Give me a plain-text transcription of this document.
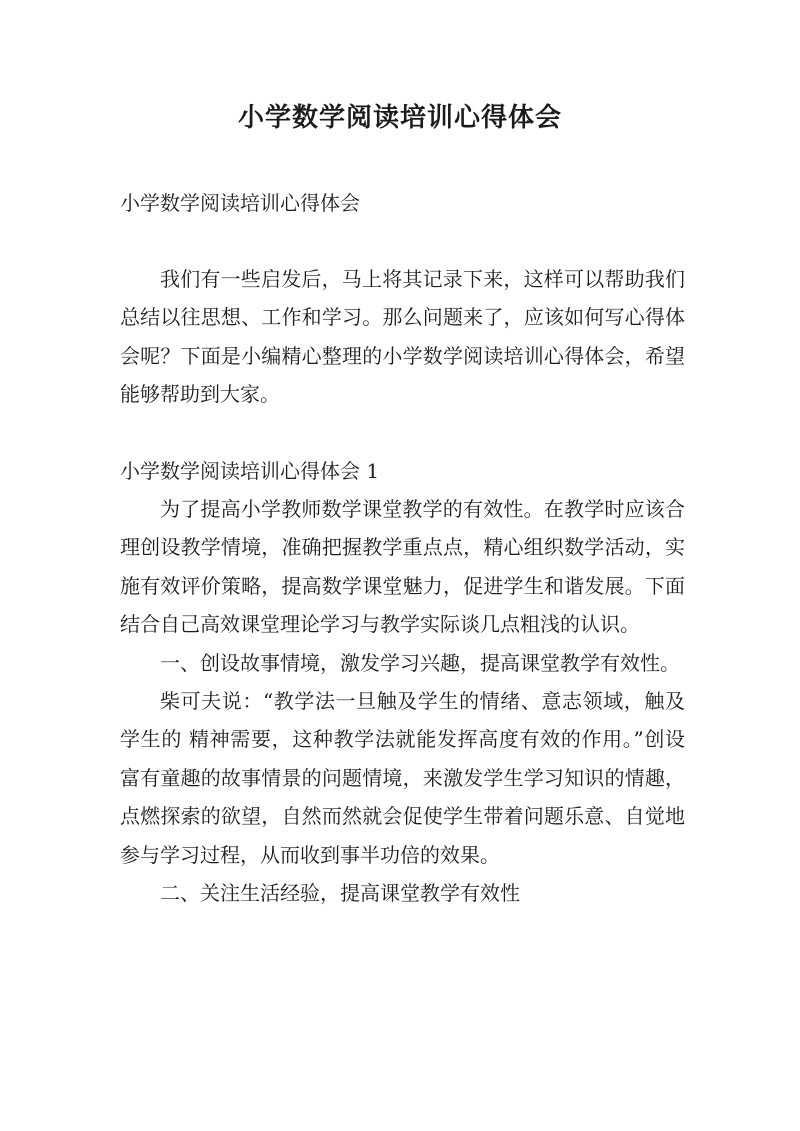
小学数学阅读培训心得体会
小学数学阅读培训心得体会

我们有一些启发后，马上将其记录下来，这样可以帮助我们总结以往思想、工作和学习。那么问题来了，应该如何写心得体会呢？下面是小编精心整理的小学数学阅读培训心得体会，希望能够帮助到大家。

小学数学阅读培训心得体会 1

为了提高小学教师数学课堂教学的有效性。在教学时应该合理创设教学情境，准确把握教学重点点，精心组织数学活动，实施有效评价策略，提高数学课堂魅力，促进学生和谐发展。下面结合自己高效课堂理论学习与教学实际谈几点粗浅的认识。

一、创设故事情境，激发学习兴趣，提高课堂教学有效性。

柴可夫说：“教学法一旦触及学生的情绪、意志领域，触及学生的 精神需要，这种教学法就能发挥高度有效的作用。”创设富有童趣的故事情景的问题情境，来激发学生学习知识的情趣，点燃探索的欲望，自然而然就会促使学生带着问题乐意、自觉地参与学习过程，从而收到事半功倍的效果。

二、关注生活经验，提高课堂教学有效性
